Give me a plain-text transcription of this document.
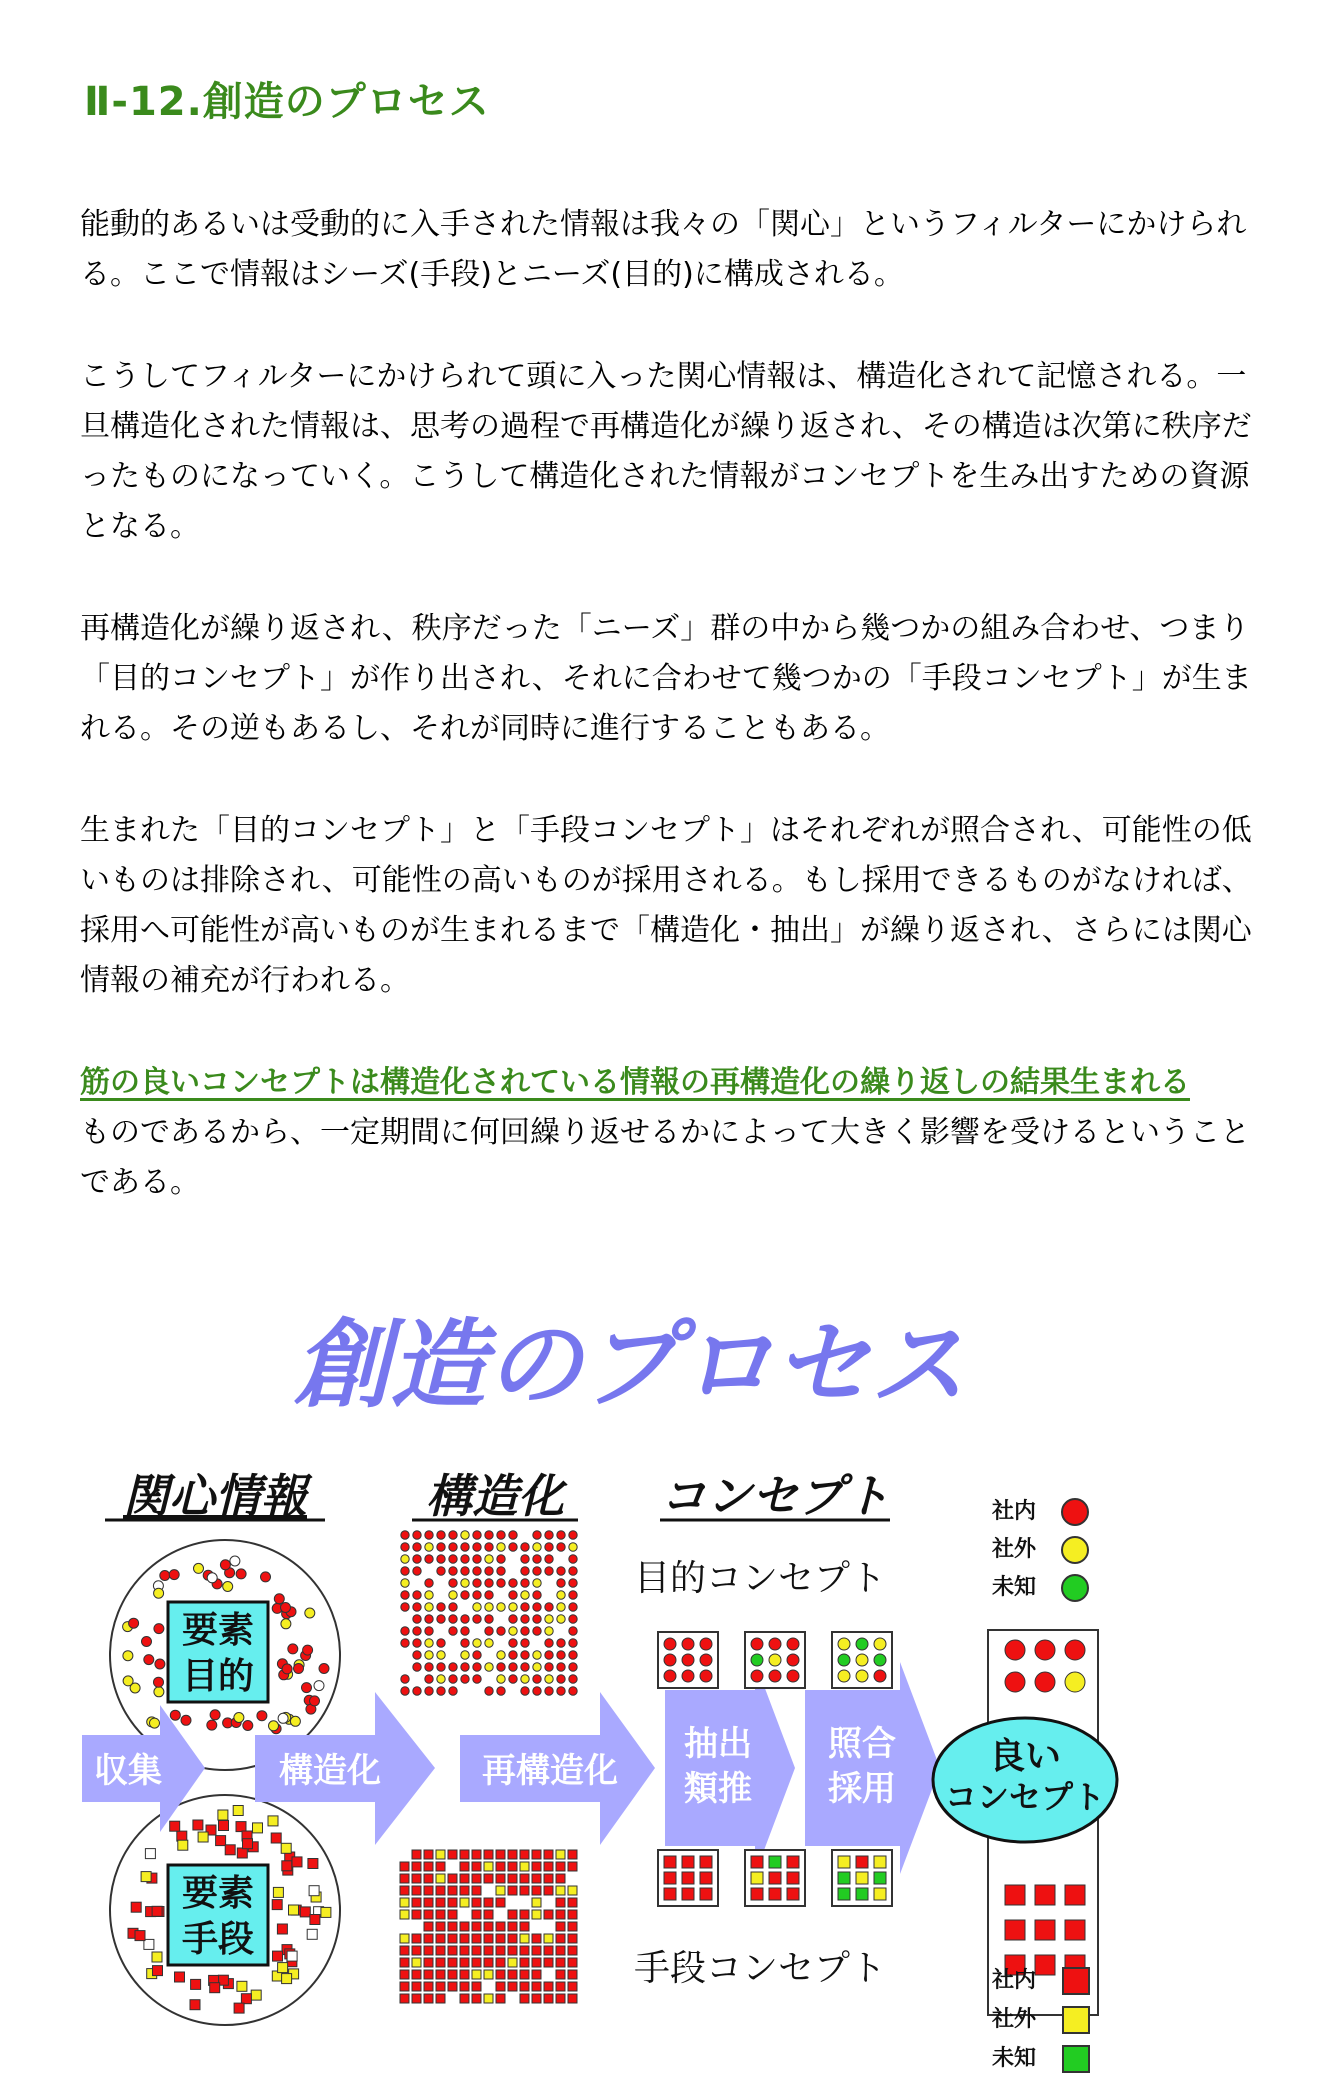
Ⅱ-12.創造のプロセス

能動的あるいは受動的に入手された情報は我々の「関心」というフィルターにかけられる。ここで情報はシーズ(手段)とニーズ(目的)に構成される。

こうしてフィルターにかけられて頭に入った関心情報は、構造化されて記憶される。一旦構造化された情報は、思考の過程で再構造化が繰り返され、その構造は次第に秩序だったものになっていく。こうして構造化された情報がコンセプトを生み出すための資源となる。

再構造化が繰り返され、秩序だった「ニーズ」群の中から幾つかの組み合わせ、つまり「目的コンセプト」が作り出され、それに合わせて幾つかの「手段コンセプト」が生まれる。その逆もあるし、それが同時に進行することもある。

生まれた「目的コンセプト」と「手段コンセプト」はそれぞれが照合され、可能性の低いものは排除され、可能性の高いものが採用される。もし採用できるものがなければ、採用へ可能性が高いものが生まれるまで「構造化・抽出」が繰り返され、さらには関心情報の補充が行われる。

筋の良いコンセプトは構造化されている情報の再構造化の繰り返しの結果生まれる
ものであるから、一定期間に何回繰り返せるかによって大きく影響を受けるということである。

創造のプロセス
関心情報	構造化 コンセプト
要素
目的
要素
手段
収集	構造化	再構造化
抽出
類推
照合
採用
目的コンセプト
手段コンセプト
良い
コンセプト
社内
社外
未知
社内
社外
未知
